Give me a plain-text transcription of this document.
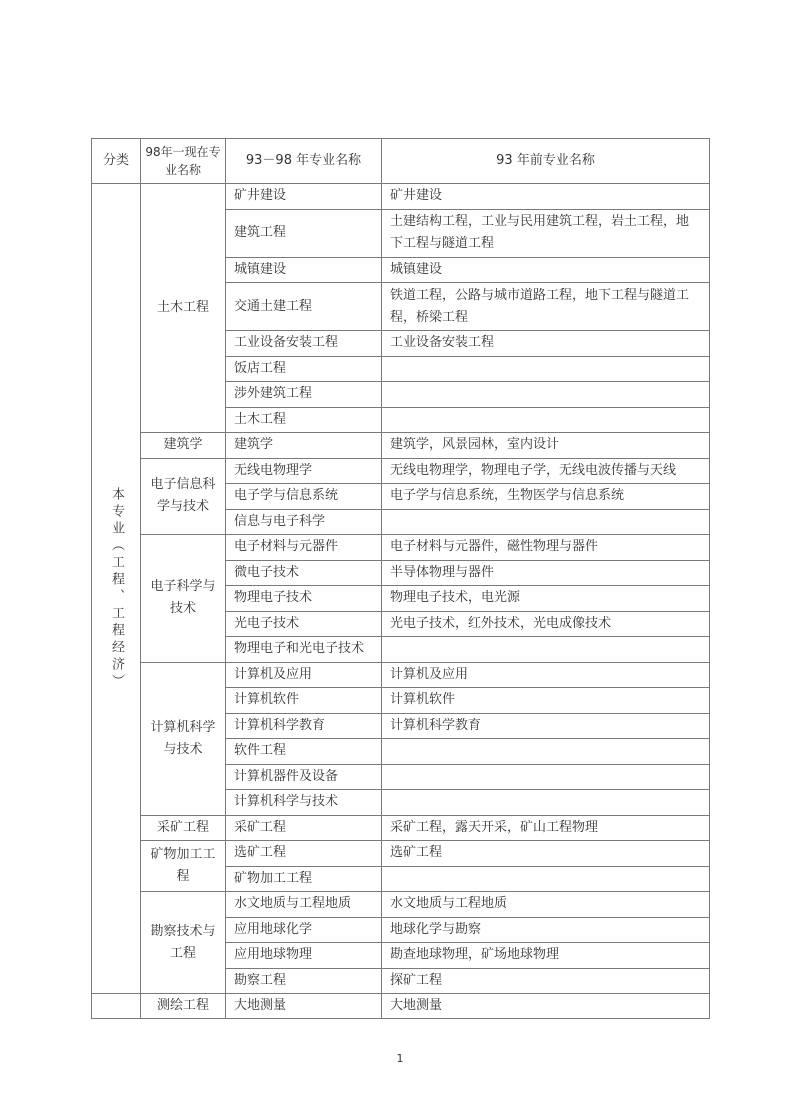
分类	98年一现在专业名称	93－98 年专业名称	93 年前专业名称
本专业（工程、工程经济）	土木工程	矿井建设	矿井建设
		建筑工程	土建结构工程，工业与民用建筑工程，岩土工程，地下工程与隧道工程
		城镇建设	城镇建设
		交通土建工程	铁道工程，公路与城市道路工程，地下工程与隧道工程，桥梁工程
		工业设备安装工程	工业设备安装工程
		饭店工程	
		涉外建筑工程	
		土木工程	
	建筑学	建筑学	建筑学，风景园林，室内设计
	电子信息科学与技术	无线电物理学	无线电物理学，物理电子学，无线电波传播与天线
		电子学与信息系统	电子学与信息系统，生物医学与信息系统
		信息与电子科学	
	电子科学与技术	电子材料与元器件	电子材料与元器件，磁性物理与器件
		微电子技术	半导体物理与器件
		物理电子技术	物理电子技术，电光源
		光电子技术	光电子技术，红外技术，光电成像技术
		物理电子和光电子技术	
	计算机科学与技术	计算机及应用	计算机及应用
		计算机软件	计算机软件
		计算机科学教育	计算机科学教育
		软件工程	
		计算机器件及设备	
		计算机科学与技术	
	采矿工程	采矿工程	采矿工程，露天开采，矿山工程物理
	矿物加工工程	选矿工程	选矿工程
		矿物加工工程	
	勘察技术与工程	水文地质与工程地质	水文地质与工程地质
		应用地球化学	地球化学与勘察
		应用地球物理	勘查地球物理，矿场地球物理
		勘察工程	探矿工程
	测绘工程	大地测量	大地测量
1
